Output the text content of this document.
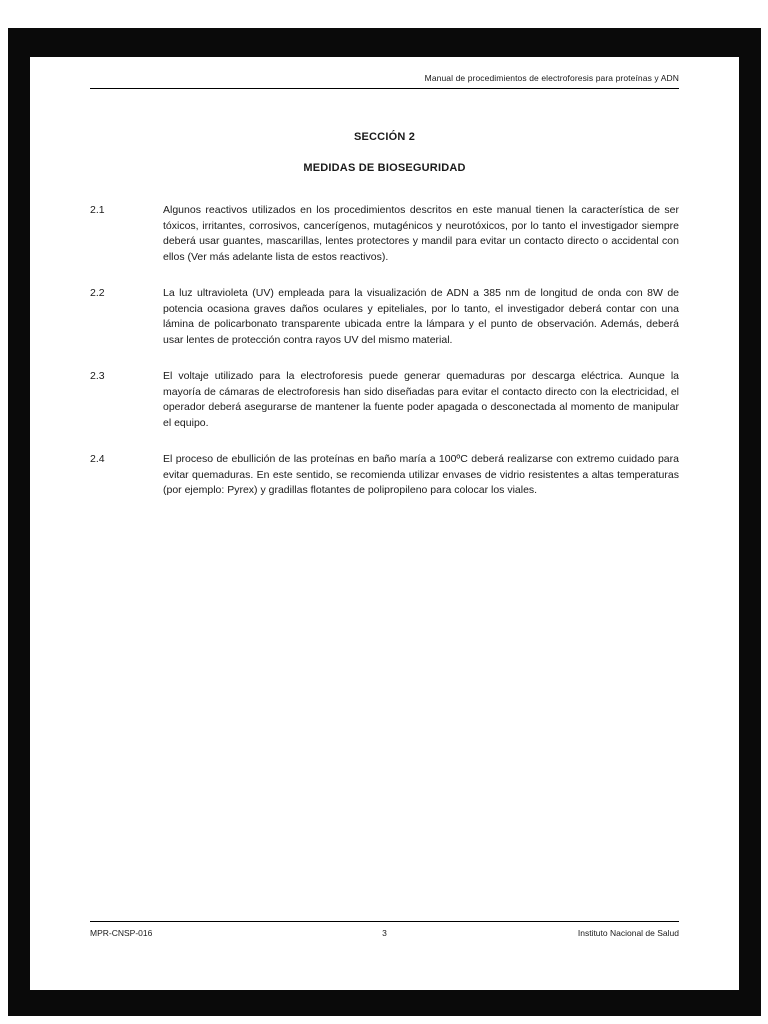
Manual de procedimientos de electroforesis para proteínas y ADN
SECCIÓN 2
MEDIDAS DE BIOSEGURIDAD
2.1	Algunos reactivos utilizados en los procedimientos descritos en este manual tienen la característica de ser tóxicos, irritantes, corrosivos, cancerígenos, mutagénicos y neurotóxicos, por lo tanto el investigador siempre deberá usar guantes, mascarillas, lentes protectores y mandil para evitar un contacto directo o accidental con ellos (Ver más adelante lista de estos reactivos).
2.2	La luz ultravioleta (UV) empleada para la visualización de ADN a 385 nm de longitud de onda con 8W de potencia ocasiona graves daños oculares y epiteliales, por lo tanto, el investigador deberá contar con una lámina de policarbonato transparente ubicada entre la lámpara y el punto de observación. Además, deberá usar lentes de protección contra rayos UV del mismo material.
2.3	El voltaje utilizado para la electroforesis puede generar quemaduras por descarga eléctrica. Aunque la mayoría de cámaras de electroforesis han sido diseñadas para evitar el contacto directo con la electricidad, el operador deberá asegurarse de mantener la fuente poder apagada o desconectada al momento de manipular el equipo.
2.4	El proceso de ebullición de las proteínas en baño maría a 100ºC deberá realizarse con extremo cuidado para evitar quemaduras. En este sentido, se recomienda utilizar envases de vidrio resistentes a altas temperaturas (por ejemplo: Pyrex) y gradillas flotantes de polipropileno para colocar los viales.
MPR-CNSP-016	3	Instituto Nacional de Salud
